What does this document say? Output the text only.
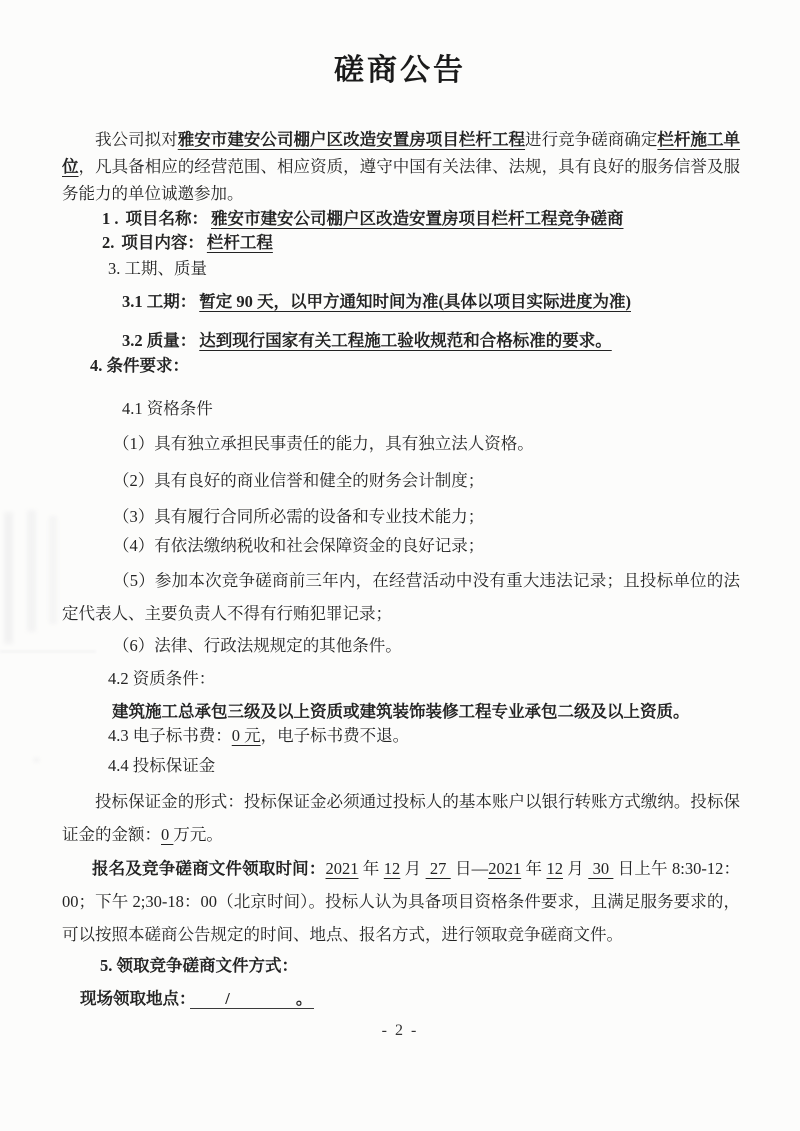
磋商公告

我公司拟对雅安市建安公司棚户区改造安置房项目栏杆工程进行竞争磋商确定栏杆施工单位，凡具备相应的经营范围、相应资质，遵守中国有关法律、法规，具有良好的服务信誉及服务能力的单位诚邀参加。

1 . 项目名称： 雅安市建安公司棚户区改造安置房项目栏杆工程竞争磋商

2. 项目内容： 栏杆工程

3. 工期、质量

3.1 工期： 暂定 90 天，以甲方通知时间为准(具体以项目实际进度为准)

3.2 质量： 达到现行国家有关工程施工验收规范和合格标准的要求。

4. 条件要求：

4.1 资格条件

（1）具有独立承担民事责任的能力，具有独立法人资格。

（2）具有良好的商业信誉和健全的财务会计制度；

（3）具有履行合同所必需的设备和专业技术能力；

（4）有依法缴纳税收和社会保障资金的良好记录；

（5）参加本次竞争磋商前三年内，在经营活动中没有重大违法记录；且投标单位的法定代表人、主要负责人不得有行贿犯罪记录；

（6）法律、行政法规规定的其他条件。

4.2 资质条件：

建筑施工总承包三级及以上资质或建筑装饰装修工程专业承包二级及以上资质。

4.3 电子标书费：0 元，电子标书费不退。

4.4 投标保证金

投标保证金的形式：投标保证金必须通过投标人的基本账户以银行转账方式缴纳。投标保证金的金额：0 万元。

报名及竞争磋商文件领取时间：2021 年 12 月  27  日—2021 年 12 月  30  日上午 8:30-12：00；下午 2;30-18：00（北京时间）。投标人认为具备项目资格条件要求，且满足服务要求的，可以按照本磋商公告规定的时间、地点、报名方式，进行领取竞争磋商文件。

5. 领取竞争磋商文件方式：

现场领取地点：　　/　　　　。

- 2 -
